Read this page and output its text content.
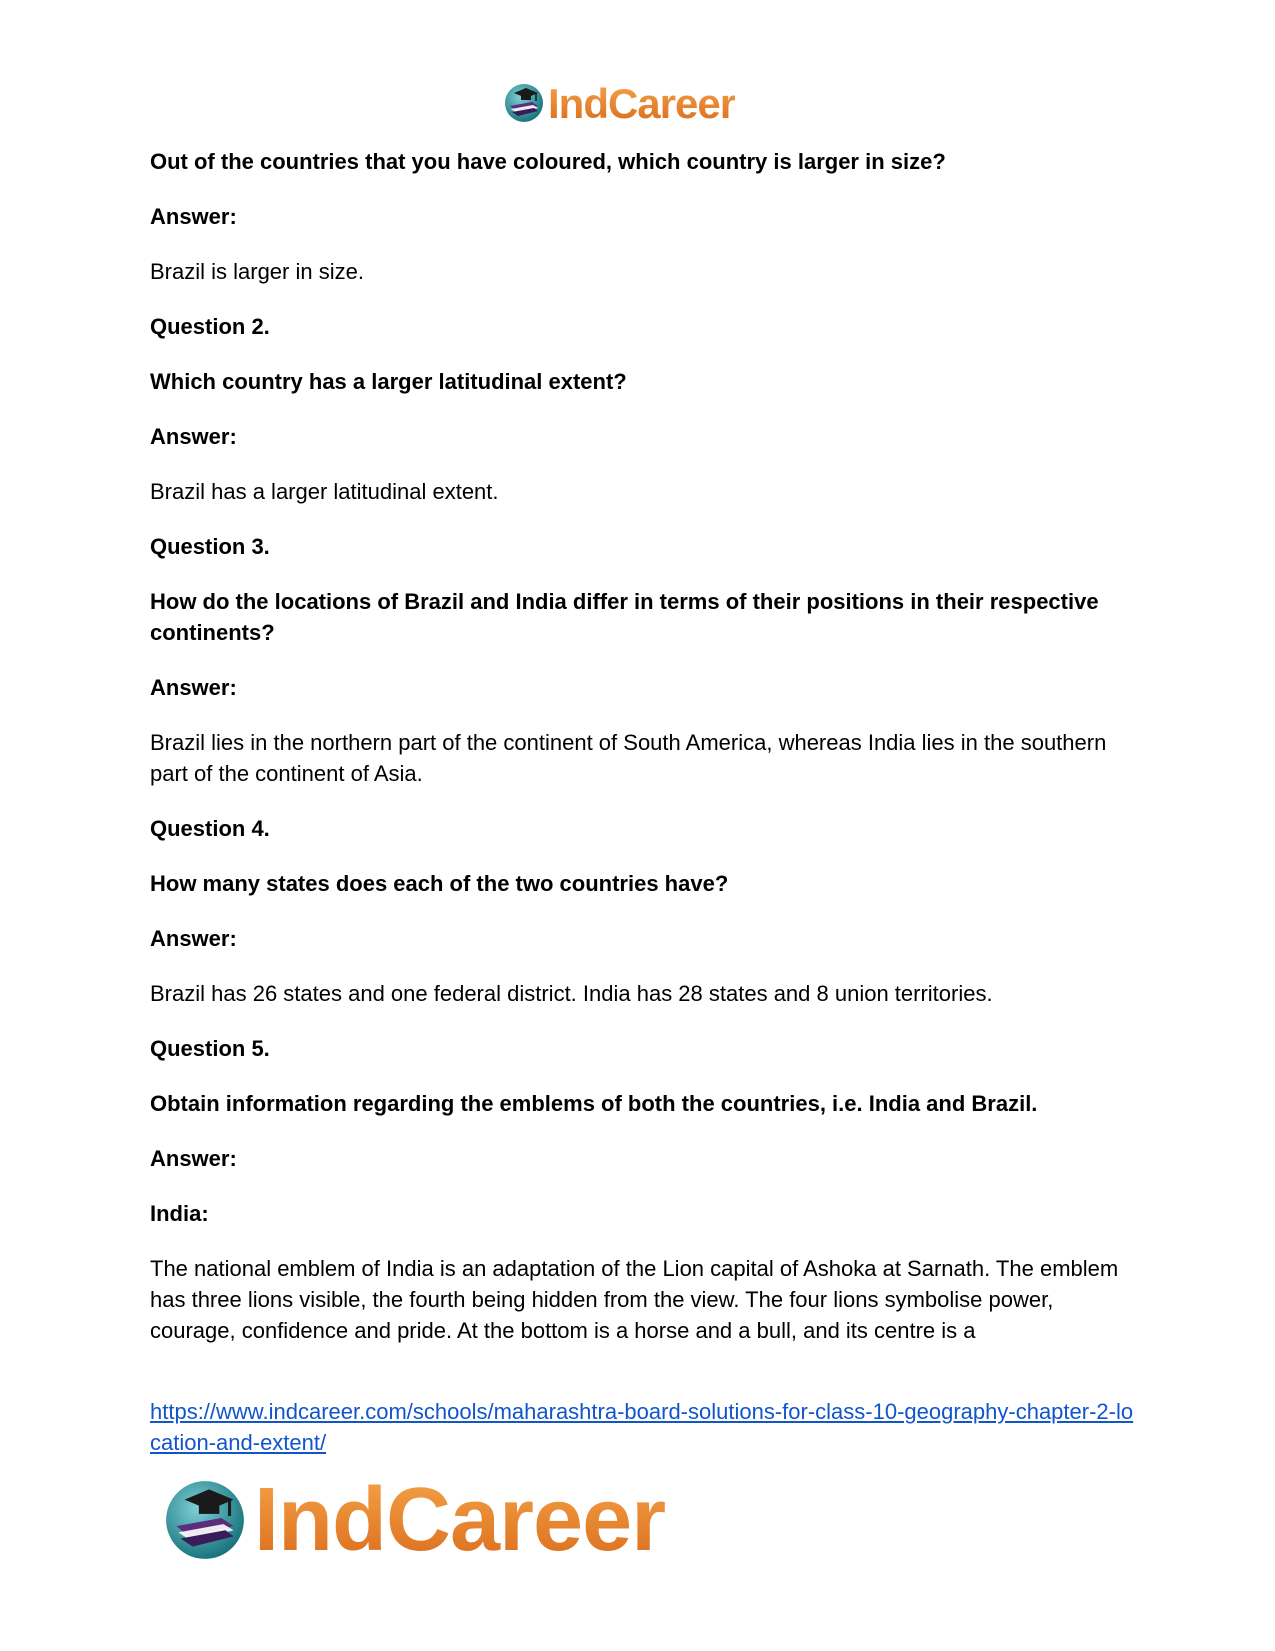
IndCareer
Out of the countries that you have coloured, which country is larger in size?
Answer:
Brazil is larger in size.
Question 2.
Which country has a larger latitudinal extent?
Answer:
Brazil has a larger latitudinal extent.
Question 3.
How do the locations of Brazil and India differ in terms of their positions in their respective continents?
Answer:
Brazil lies in the northern part of the continent of South America, whereas India lies in the southern part of the continent of Asia.
Question 4.
How many states does each of the two countries have?
Answer:
Brazil has 26 states and one federal district. India has 28 states and 8 union territories.
Question 5.
Obtain information regarding the emblems of both the countries, i.e. India and Brazil.
Answer:
India:
The national emblem of India is an adaptation of the Lion capital of Ashoka at Sarnath. The emblem has three lions visible, the fourth being hidden from the view. The four lions symbolise power, courage, confidence and pride. At the bottom is a horse and a bull, and its centre is a
https://www.indcareer.com/schools/maharashtra-board-solutions-for-class-10-geography-chapter-2-location-and-extent/
IndCareer
